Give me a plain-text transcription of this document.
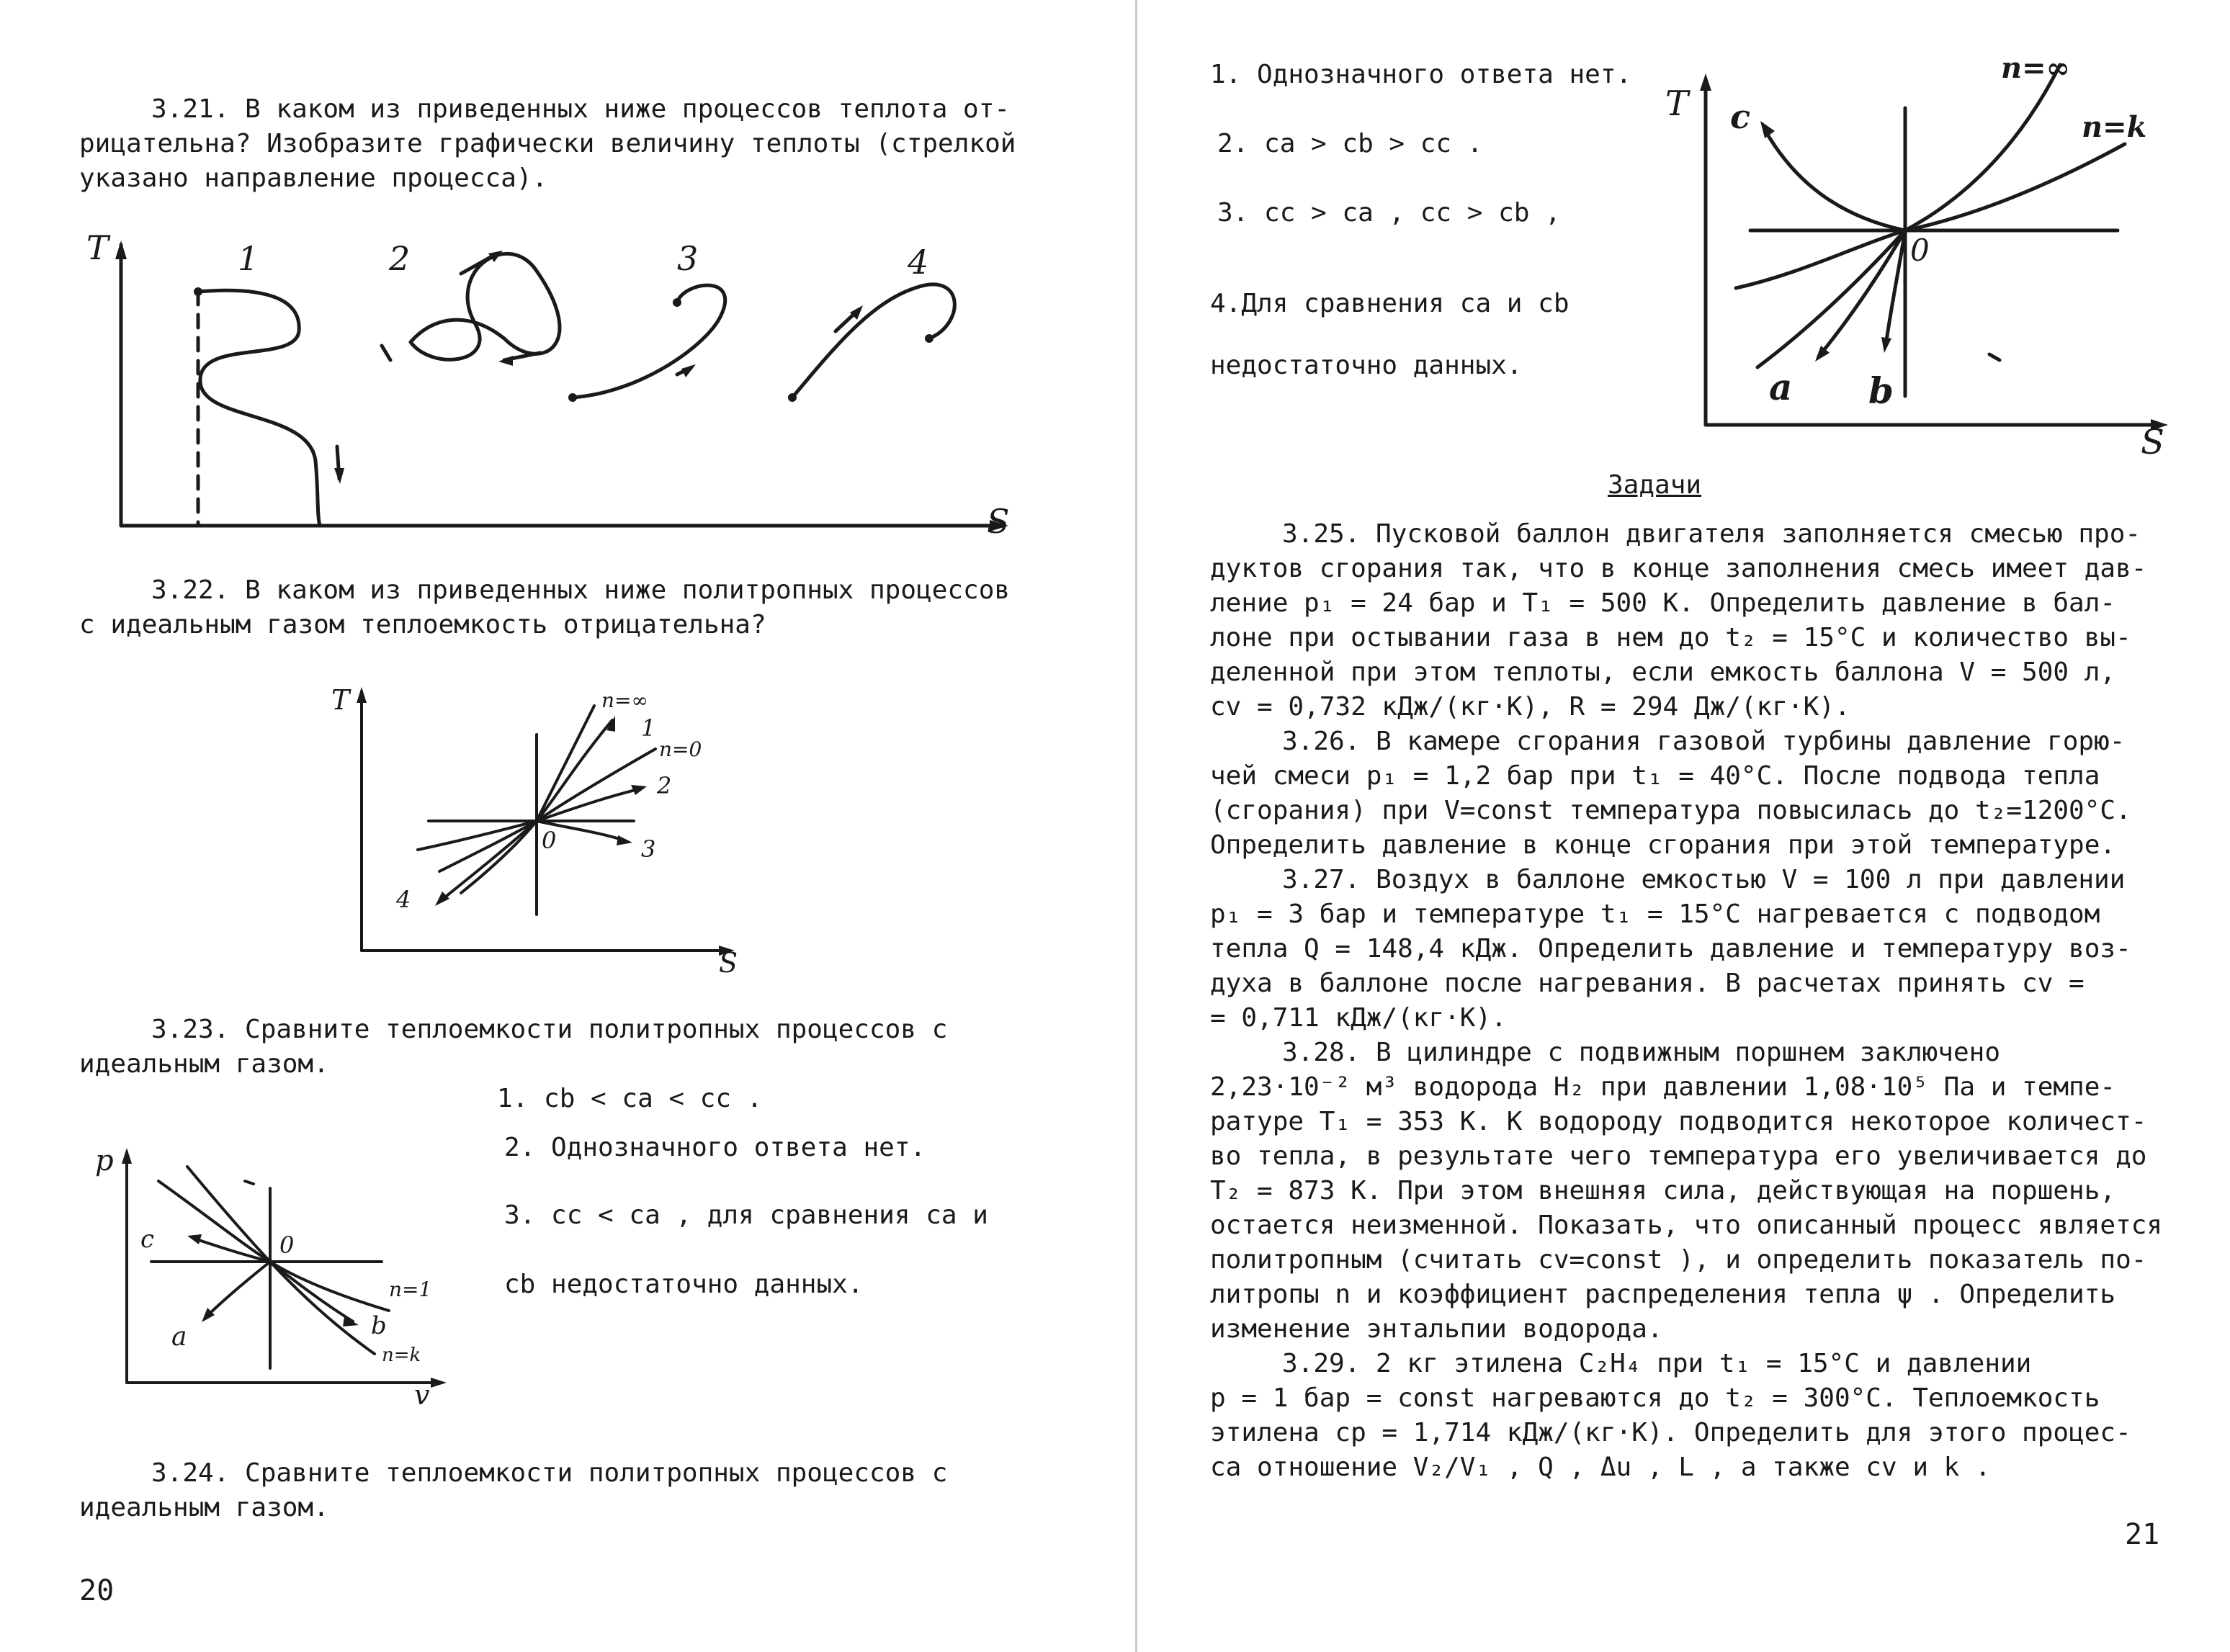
3.21. В каком из приведенных ниже процессов теплота от-
рицательна? Изобразите графически величину теплоты (стрелкой
указано направление процесса).
T
S
1	2	3	4
3.22. В каком из приведенных ниже политропных процессов
с идеальным газом теплоемкость отрицательна?
T
S
0
n=∞
1
n=0
2
3
4
3.23. Сравните теплоемкости политропных процессов с
идеальным газом.
1. cb < ca < cc .
2. Однозначного ответа нет.
3. cc < ca , для сравнения ca и
cb недостаточно данных.
p
v
0
c
a
n=1
b
n=k
3.24. Сравните теплоемкости политропных процессов с
идеальным газом.
20
1. Однозначного ответа нет.
2. ca > cb > cc .
3. cc > ca , cc > cb ,
4.Для сравнения ca и cb
недостаточно данных.
T
S
0
n=∞
n=k
c
a b
Задачи
3.25. Пусковой баллон двигателя заполняется смесью про-
дуктов сгорания так, что в конце заполнения смесь имеет дав-
ление p₁ = 24 бар и T₁ = 500 K. Определить давление в бал-
лоне при остывании газа в нем до t₂ = 15°C и количество вы-
деленной при этом теплоты, если емкость баллона V = 500 л,
cv = 0,732 кДж/(кг·K), R = 294 Дж/(кг·K).
3.26. В камере сгорания газовой турбины давление горю-
чей смеси p₁ = 1,2 бар при t₁ = 40°C. После подвода тепла
(сгорания) при V=const температура повысилась до t₂=1200°C.
Определить давление в конце сгорания при этой температуре.
3.27. Воздух в баллоне емкостью V = 100 л при давлении
p₁ = 3 бар и температуре t₁ = 15°C нагревается с подводом
тепла Q = 148,4 кДж. Определить давление и температуру воз-
духа в баллоне после нагревания. В расчетах принять cv =
= 0,711 кДж/(кг·K).
3.28. В цилиндре с подвижным поршнем заключено
2,23·10⁻² м³ водорода H₂ при давлении 1,08·10⁵ Па и темпе-
ратуре T₁ = 353 K. К водороду подводится некоторое количест-
во тепла, в результате чего температура его увеличивается до
T₂ = 873 K. При этом внешняя сила, действующая на поршень,
остается неизменной. Показать, что описанный процесс является
политропным (считать cv=const ), и определить показатель по-
литропы n и коэффициент распределения тепла ψ . Определить
изменение энтальпии водорода.
3.29. 2 кг этилена C₂H₄ при t₁ = 15°C и давлении
p = 1 бар = const нагреваются до t₂ = 300°C. Теплоемкость
этилена cp = 1,714 кДж/(кг·K). Определить для этого процес-
са отношение V₂/V₁ , Q , Δu , L , а также cv и k .
21
